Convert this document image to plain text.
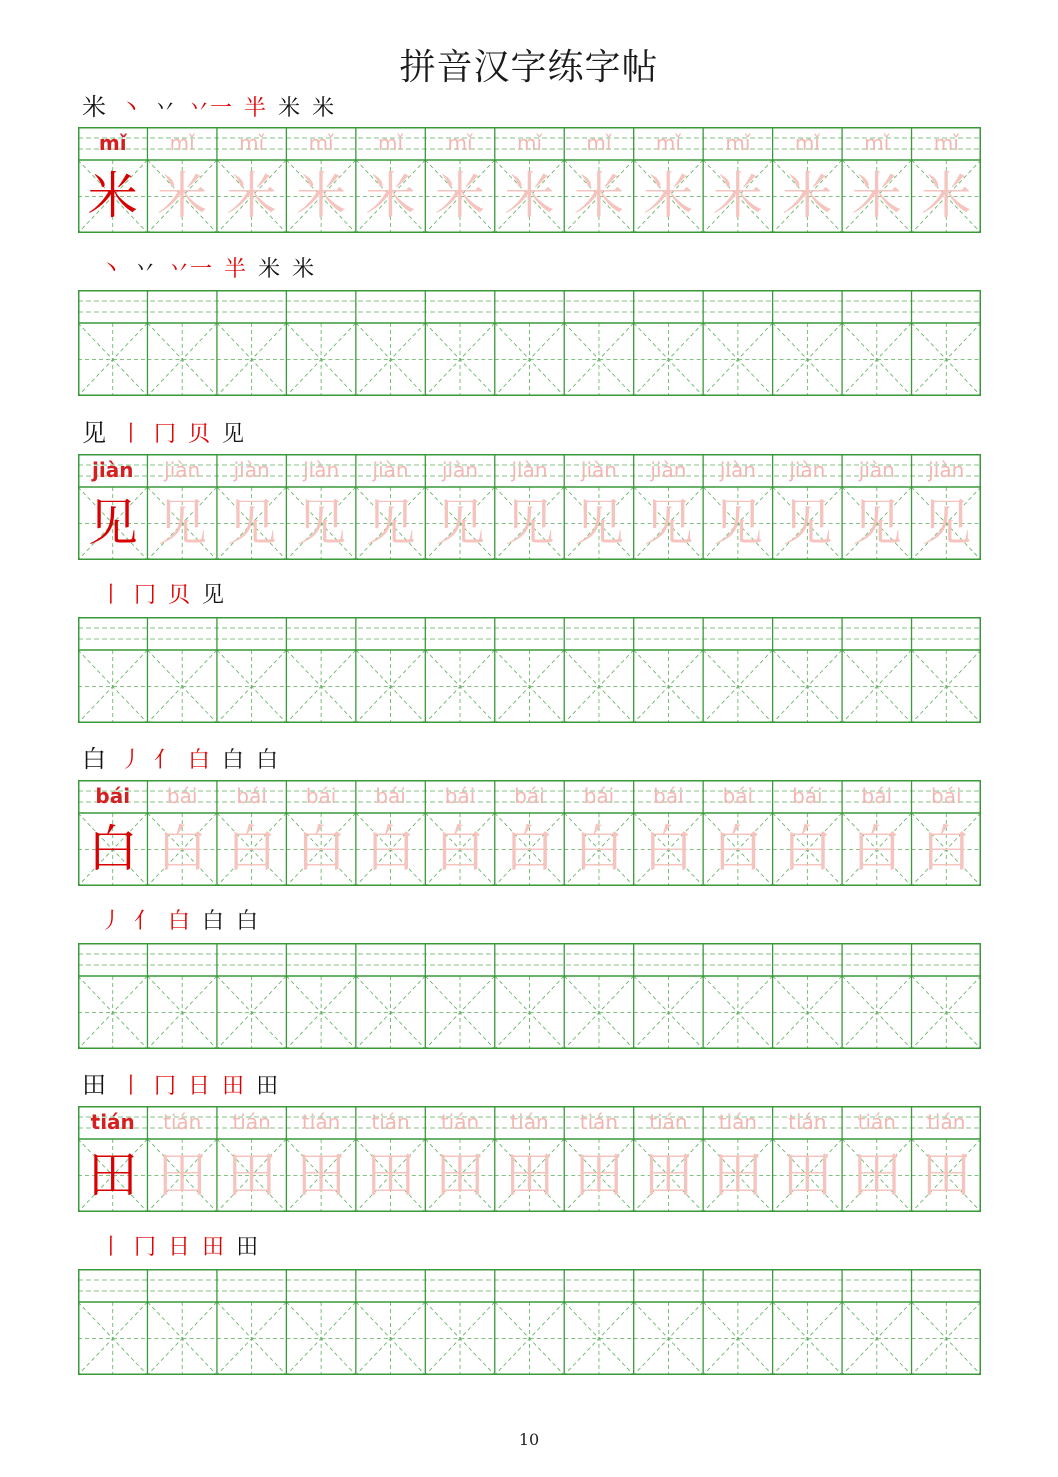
拼音汉字练字帖
米 丶 丷 丷一 半 米 米
mǐ
米
mǐ
米
mǐ
米
mǐ
米
mǐ
米
mǐ
米
mǐ
米
mǐ
米
mǐ
米
mǐ
米
mǐ
米
mǐ
米
mǐ
米
丶 丷 丷一 半 米 米
见 丨 冂 贝 见
jiàn
见
jiàn
见
jiàn
见
jiàn
见
jiàn
见
jiàn
见
jiàn
见
jiàn
见
jiàn
见
jiàn
见
jiàn
见
jiàn
见
jiàn
见
丨 冂 贝 见
白 丿 亻 白 白 白
bái
白
bái
白
bái
白
bái
白
bái
白
bái
白
bái
白
bái
白
bái
白
bái
白
bái
白
bái
白
bái
白
丿 亻 白 白 白
田 丨 冂 日 田 田
tián
田
tián
田
tián
田
tián
田
tián
田
tián
田
tián
田
tián
田
tián
田
tián
田
tián
田
tián
田
tián
田
丨 冂 日 田 田
10
